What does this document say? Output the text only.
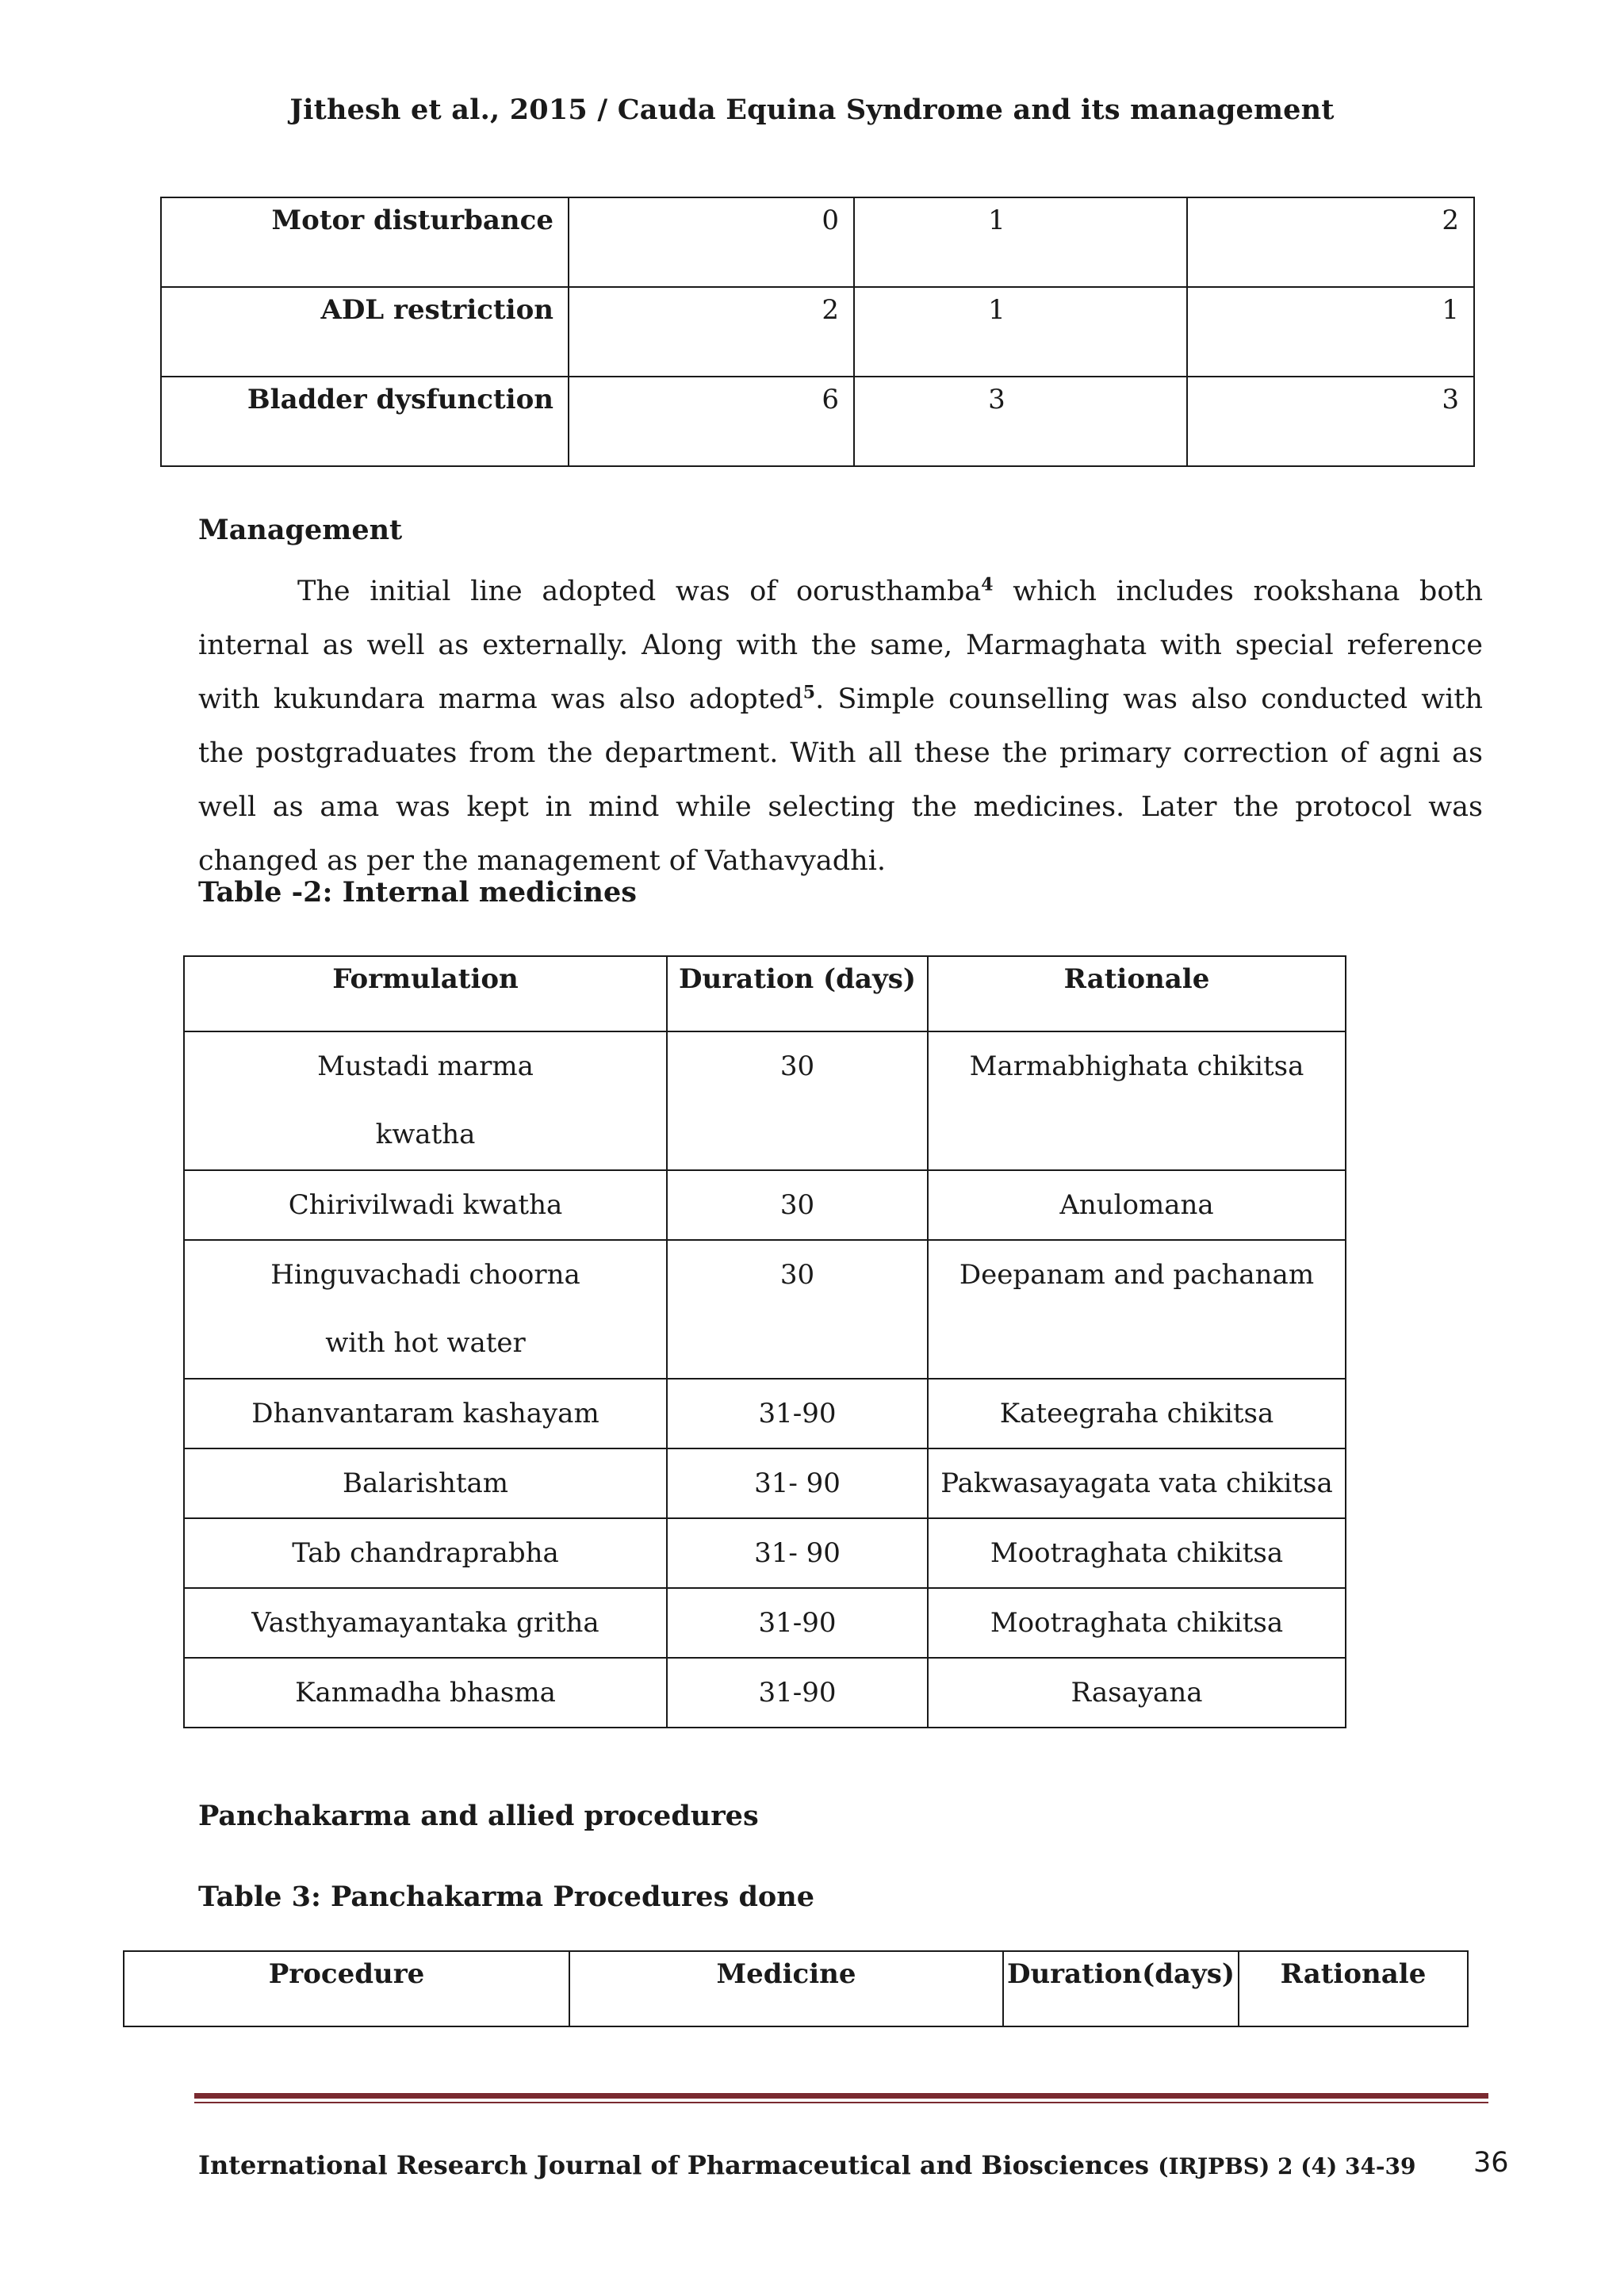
Jithesh et al., 2015 / Cauda Equina Syndrome and its management
Motor disturbance	0	1	2
ADL restriction	2	1	1
Bladder dysfunction	6	3	3
Management
The initial line adopted was of oorusthamba$^4$ which includes rookshana both internal as well as externally. Along with the same, Marmaghata with special reference with kukundara marma was also adopted$^5$. Simple counselling was also conducted with the postgraduates from the department. With all these the primary correction of agni as well as ama was kept in mind while selecting the medicines. Later the protocol was changed as per the management of Vathavyadhi.
Table -2: Internal medicines
Formulation	Duration (days)	Rationale

Mustadi marma
kwatha	30	Marmabhighata chikitsa
Chirivilwadi kwatha	30	Anulomana

Hinguvachadi choorna
with hot water	30	Deepanam and pachanam
Dhanvantaram kashayam	31-90	Kateegraha chikitsa
Balarishtam	31- 90	Pakwasayagata vata chikitsa
Tab chandraprabha	31- 90	Mootraghata chikitsa
Vasthyamayantaka gritha	31-90	Mootraghata chikitsa
Kanmadha bhasma	31-90	Rasayana
Panchakarma and allied procedures
Table 3: Panchakarma Procedures done
Procedure	Medicine	Duration(days)	Rationale
International Research Journal of Pharmaceutical and Biosciences (IRJPBS) 2 (4) 34-39 36
